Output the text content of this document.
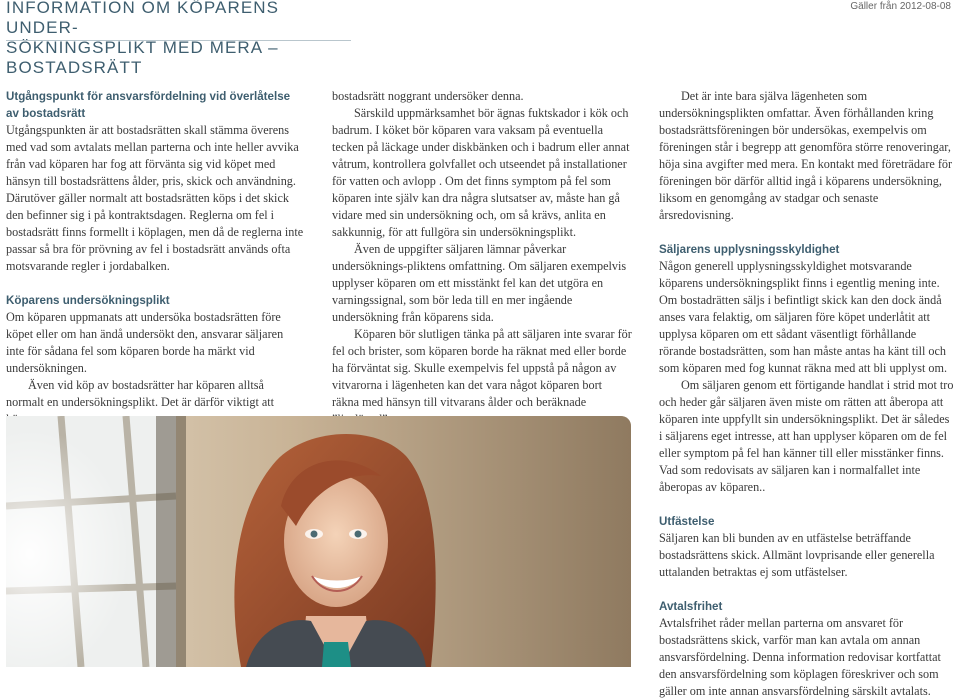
INFORMATION OM KÖPARENS UNDER-
SÖKNINGSPLIKT MED MERA – BOSTADSRÄTT
Gäller från 2012-08-08
Utgångspunkt för ansvarsfördelning vid överlåtelse
av bostadsrätt

Utgångspunkten är att bostadsrätten skall stämma överens med vad som avtalats mellan parterna och inte heller avvika från vad köparen har fog att förvänta sig vid köpet med hänsyn till bostadsrättens ålder, pris, skick och användning. Därutöver gäller normalt att bostadsrätten köps i det skick den befinner sig i på kontraktsdagen. Reglerna om fel i bostadsrätt finns formellt i köplagen, men då de reglerna inte passar så bra för prövning av fel i bostadsrätt används ofta motsvarande regler i jordabalken.

Köparens undersökningsplikt

Om köparen uppmanats att undersöka bostadsrätten före köpet eller om han ändå undersökt den, ansvarar säljaren inte för sådana fel som köparen borde ha märkt vid undersökningen.

Även vid köp av bostadsrätter har köparen alltså normalt en undersökningsplikt. Det är därför viktigt att

bostadsrätt noggrant undersöker denna.

Särskild uppmärksamhet bör ägnas fuktskador i kök och badrum. I köket bör köparen vara vaksam på eventuella tecken på läckage under diskbänken och i badrum eller annat våtrum, kontrollera golvfallet och utseendet på installationer för vatten och avlopp . Om det finns symptom på fel som köparen inte själv kan dra några slutsatser av, måste han gå vidare med sin undersökning och, om så krävs, anlita en sakkunnig, för att fullgöra sin undersökningsplikt.

Även de uppgifter säljaren lämnar påverkar undersöknings-pliktens omfattning. Om säljaren exempelvis upplyser köparen om ett misstänkt fel kan det utgöra en varningssignal, som bör leda till en mer ingående undersökning från köparens sida.

Köparen bör slutligen tänka på att säljaren inte svarar för fel och brister, som köparen borde ha räknat med eller borde ha förväntat sig. Skulle exempelvis fel uppstå på någon av vitvarorna i lägenheten kan det vara något köparen bort räkna med hänsyn till vitvarans ålder och beräknade

Det är inte bara själva lägenheten som undersökningsplikten omfattar. Även förhållanden kring bostadsrättsföreningen bör undersökas, exempelvis om föreningen står i begrepp att genomföra större renoveringar, höja sina avgifter med mera. En kontakt med företrädare för föreningen bör därför alltid ingå i köparens undersökning, liksom en genomgång av stadgar och senaste årsredovisning.

Säljarens upplysningsskyldighet

Någon generell upplysningsskyldighet motsvarande köparens undersökningsplikt finns i egentlig mening inte. Om bostadrätten säljs i befintligt skick kan den dock ändå anses vara felaktig, om säljaren före köpet underlåtit att upplysa köparen om ett sådant väsentligt förhållande rörande bostadsrätten, som han måste antas ha känt till och som köparen med fog kunnat räkna med att bli upplyst om.

Om säljaren genom ett förtigande handlat i strid mot tro och heder går säljaren även miste om rätten att åberopa att köparen inte uppfyllt sin undersökningsplikt. Det är således i säljarens eget intresse, att han upplyser köparen om de fel eller symptom på fel han känner till eller misstänker finns. Vad som redovisats av säljaren kan i normalfallet inte åberopas av köparen..

Utfästelse

Säljaren kan bli bunden av en utfästelse beträffande bostadsrättens skick. Allmänt lovprisande eller generella uttalanden betraktas ej som utfästelser.

Avtalsfrihet

Avtalsfrihet råder mellan parterna om ansvaret för bostadsrättens skick, varför man kan avtala om annan ansvarsfördelning. Denna information redovisar kortfattat den ansvarsfördelning som köplagen föreskriver och som gäller om inte annan ansvarsfördelning särskilt avtalats.
